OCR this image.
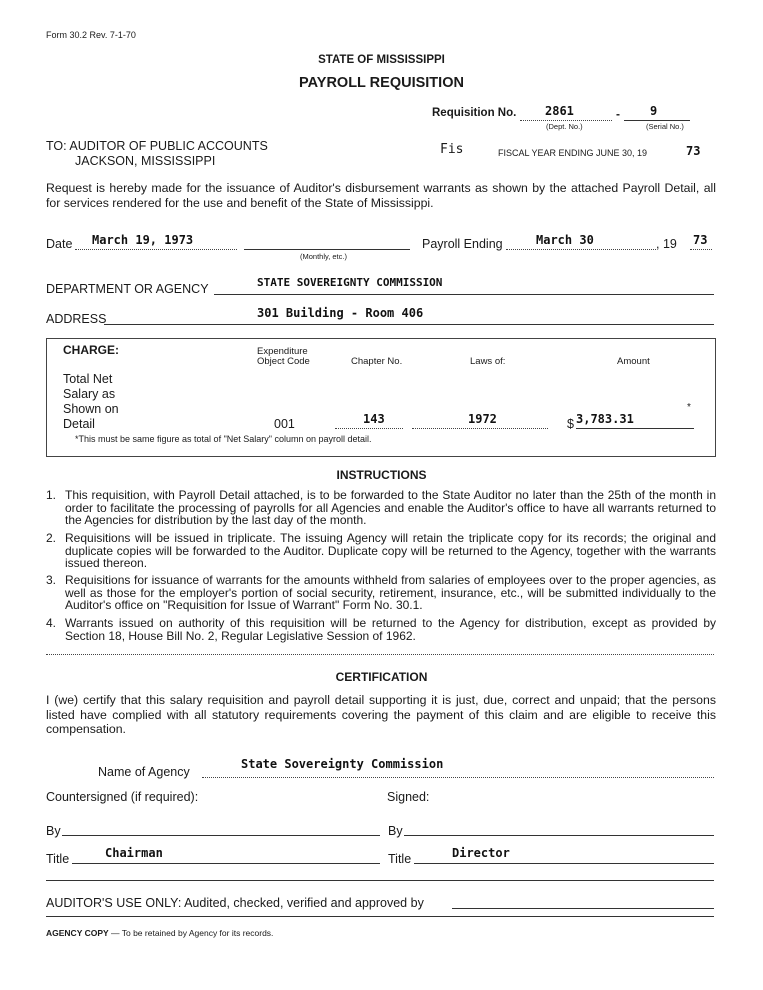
Form 30.2 Rev. 7-1-70
STATE OF MISSISSIPPI
PAYROLL REQUISITION
Requisition No. 2861	-	9
(Dept. No.)	(Serial No.)
TO: AUDITOR OF PUBLIC ACCOUNTS
JACKSON, MISSISSIPPI
Fis	FISCAL YEAR ENDING JUNE 30, 19	73
Request is hereby made for the issuance of Auditor's disbursement warrants as shown by the attached Payroll Detail, all for services rendered for the use and benefit of the State of Mississippi.
Date March 19, 1973
(Monthly, etc.)
Payroll Ending	March 30	, 19 73
DEPARTMENT OR AGENCY	STATE SOVEREIGNTY COMMISSION
ADDRESS	301 Building - Room 406
CHARGE:	Expenditure
Object Code	Chapter No.	Laws of:	Amount
Total Net
Salary as
Shown on
Detail	001	143	1972	$ 3,783.31
*
*This must be same figure as total of "Net Salary" column on payroll detail.
INSTRUCTIONS
1. This requisition, with Payroll Detail attached, is to be forwarded to the State Auditor no later than the 25th of the month in order to facilitate the processing of payrolls for all Agencies and enable the Auditor's office to have all warrants returned to the Agencies for distribution by the last day of the month.
2. Requisitions will be issued in triplicate. The issuing Agency will retain the triplicate copy for its records; the original and duplicate copies will be forwarded to the Auditor. Duplicate copy will be returned to the Agency, together with the warrants issued thereon.
3. Requisitions for issuance of warrants for the amounts withheld from salaries of employees over to the proper agencies, as well as those for the employer's portion of social security, retirement, insurance, etc., will be submitted individually to the Auditor's office on "Requisition for Issue of Warrant" Form No. 30.1.
4. Warrants issued on authority of this requisition will be returned to the Agency for distribution, except as provided by Section 18, House Bill No. 2, Regular Legislative Session of 1962.
CERTIFICATION
I (we) certify that this salary requisition and payroll detail supporting it is just, due, correct and unpaid; that the persons listed have complied with all statutory requirements covering the payment of this claim and are eligible to receive this compensation.
Name of Agency
State Sovereignty Commission
Countersigned (if required):	Signed:
By	By
Title	Chairman	Title	Director
AUDITOR'S USE ONLY: Audited, checked, verified and approved by
AGENCY COPY — To be retained by Agency for its records.
